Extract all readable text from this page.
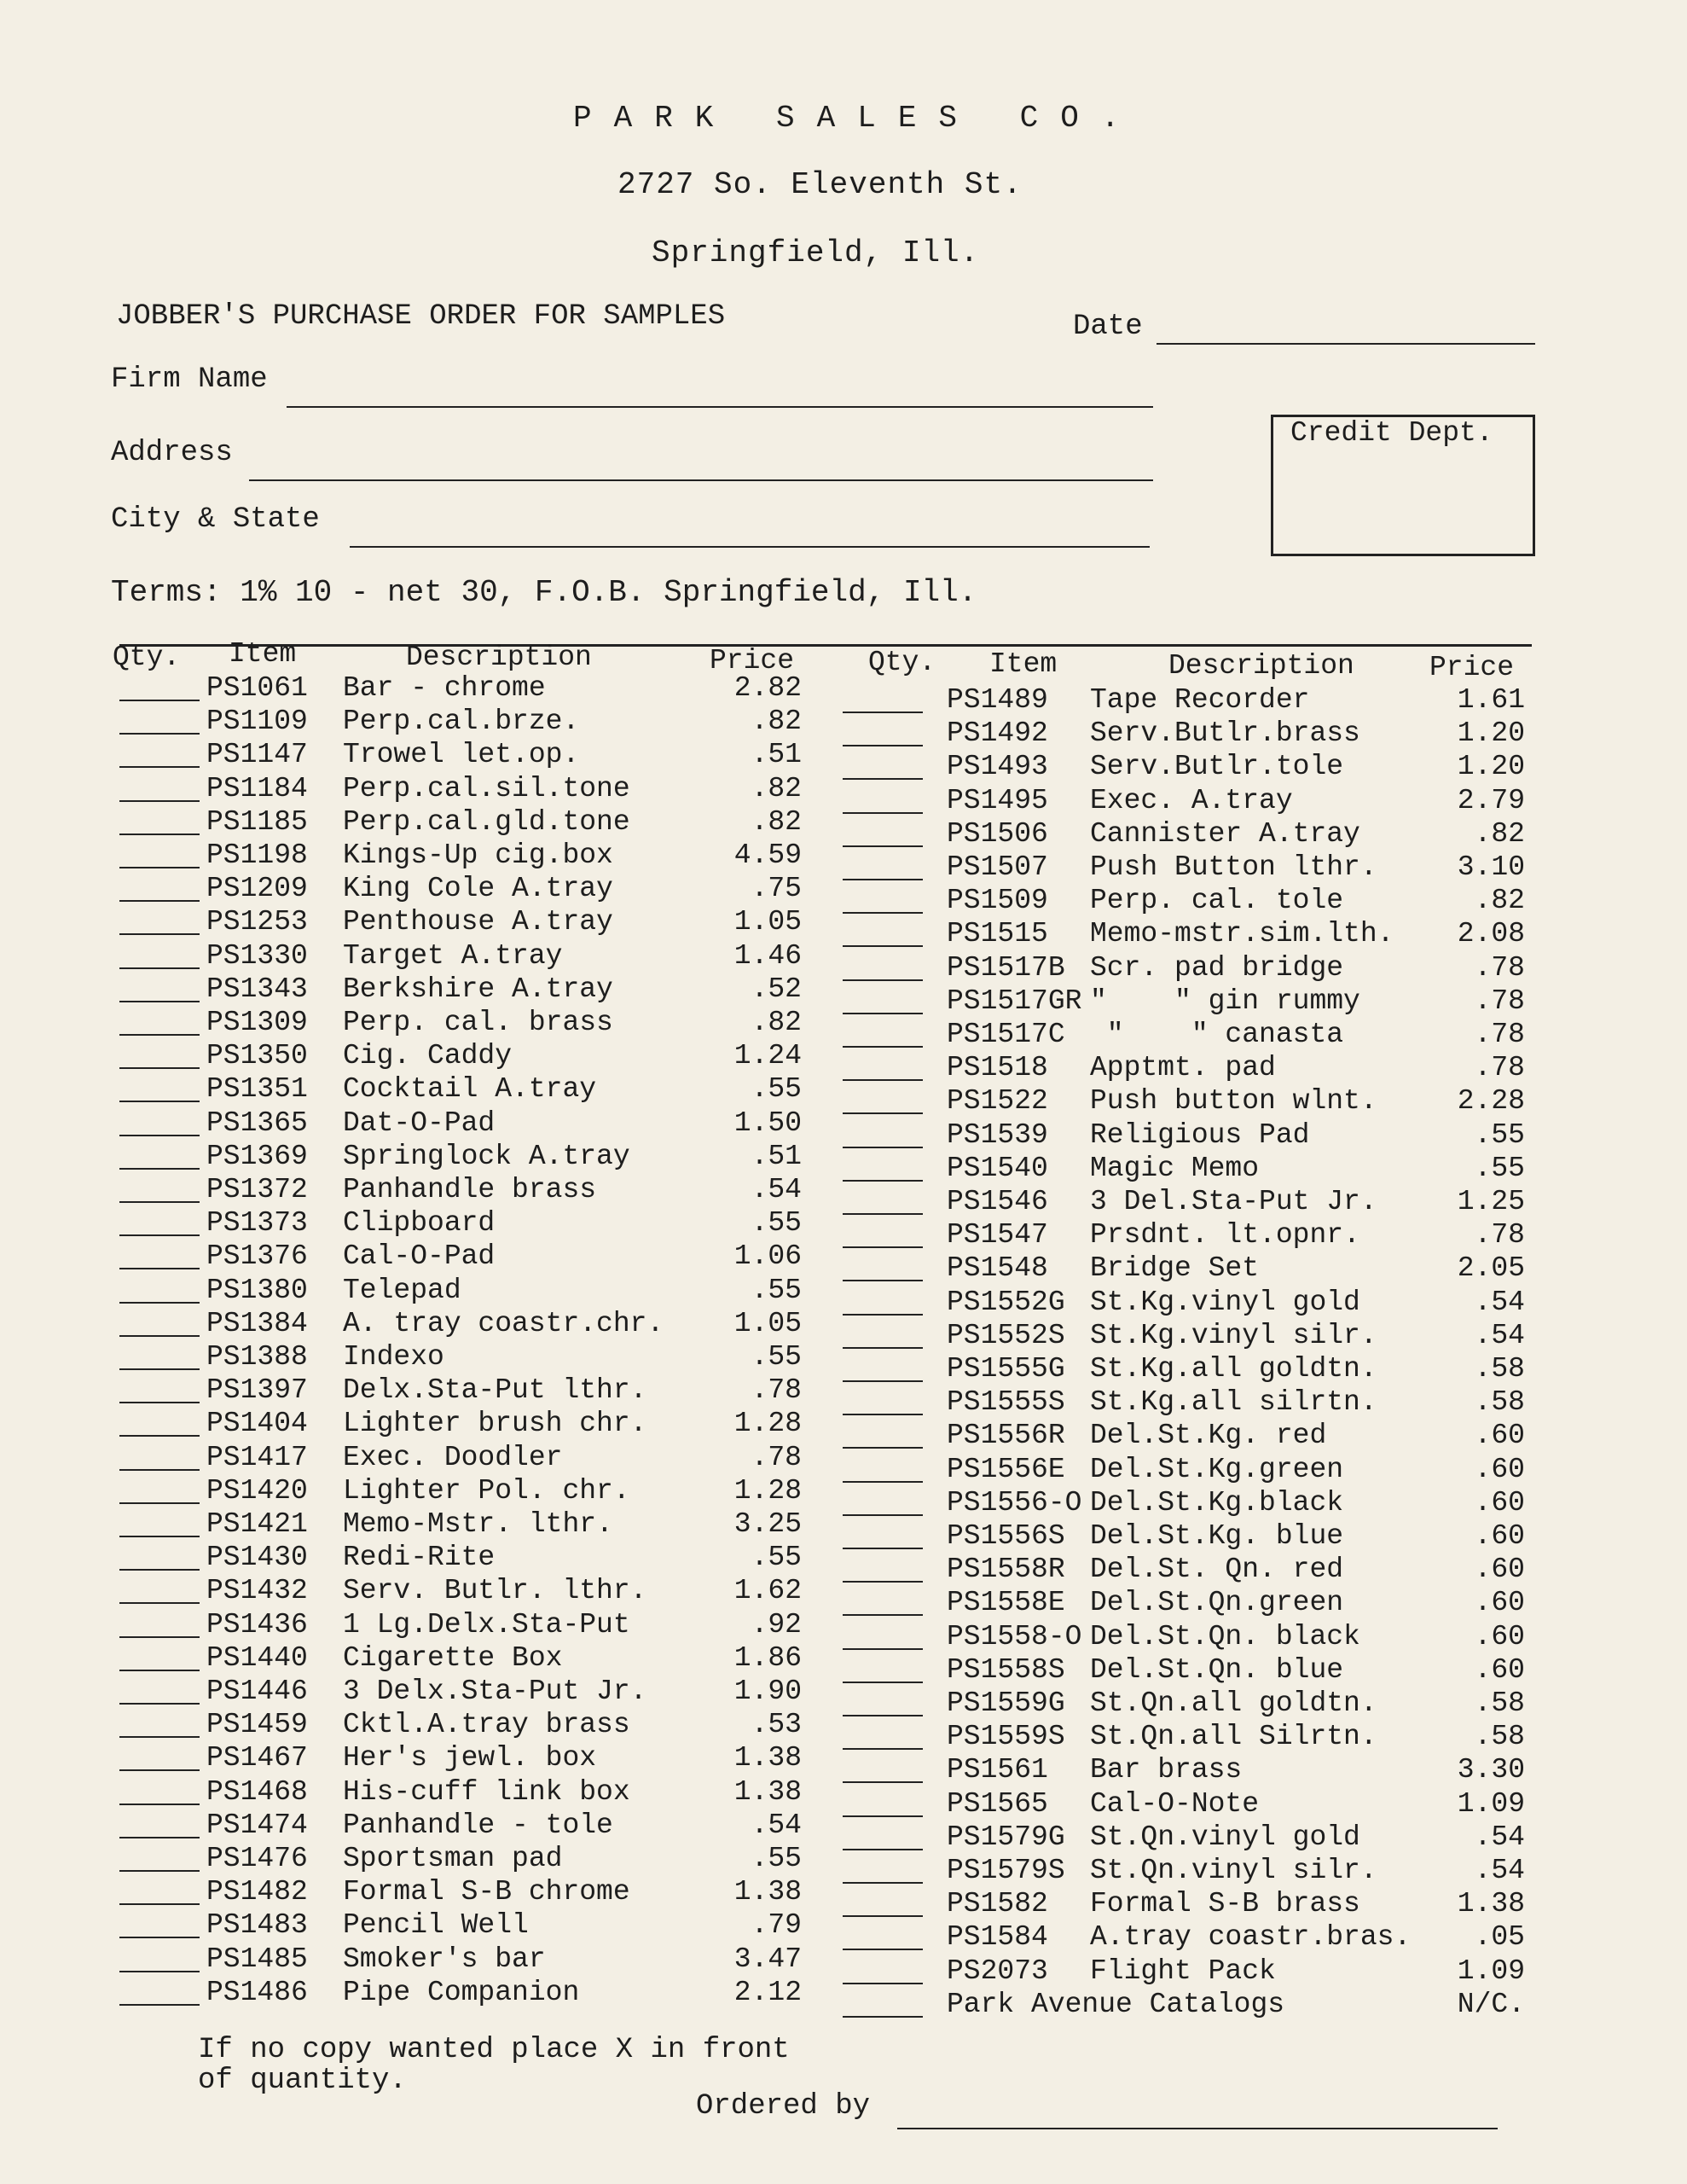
PARK SALES CO.
2727 So. Eleventh St.
Springfield, Ill.
JOBBER'S PURCHASE ORDER FOR SAMPLES	Date
Firm Name
Address
City & State
Credit Dept.
Terms: 1% 10 - net 30, F.O.B. Springfield, Ill.
Qty. Item	Description	Price	Qty. Item	Description	Price
PS1061 Bar - chrome	2.82
PS1109 Perp.cal.brze.	.82
PS1147 Trowel let.op.	.51
PS1184 Perp.cal.sil.tone	.82
PS1185 Perp.cal.gld.tone	.82
PS1198 Kings-Up cig.box	4.59
PS1209 King Cole A.tray	.75
PS1253 Penthouse A.tray	1.05
PS1330 Target A.tray	1.46
PS1343 Berkshire A.tray	.52
PS1309 Perp. cal. brass	.82
PS1350 Cig. Caddy	1.24
PS1351 Cocktail A.tray	.55
PS1365 Dat-O-Pad	1.50
PS1369 Springlock A.tray	.51
PS1372 Panhandle brass	.54
PS1373 Clipboard	.55
PS1376 Cal-O-Pad	1.06
PS1380 Telepad	.55
PS1384 A. tray coastr.chr.	1.05
PS1388 Indexo	.55
PS1397 Delx.Sta-Put lthr.	.78
PS1404 Lighter brush chr.	1.28
PS1417 Exec. Doodler	.78
PS1420 Lighter Pol. chr.	1.28
PS1421 Memo-Mstr. lthr.	3.25
PS1430 Redi-Rite	.55
PS1432 Serv. Butlr. lthr.	1.62
PS1436 1 Lg.Delx.Sta-Put	.92
PS1440 Cigarette Box	1.86
PS1446 3 Delx.Sta-Put Jr.	1.90
PS1459 Cktl.A.tray brass	.53
PS1467 Her's jewl. box	1.38
PS1468 His-cuff link box	1.38
PS1474 Panhandle - tole	.54
PS1476 Sportsman pad	.55
PS1482 Formal S-B chrome	1.38
PS1483 Pencil Well	.79
PS1485 Smoker's bar	3.47
PS1486 Pipe Companion	2.12
PS1489 Tape Recorder	1.61
PS1492 Serv.Butlr.brass	1.20
PS1493 Serv.Butlr.tole	1.20
PS1495 Exec. A.tray	2.79
PS1506 Cannister A.tray	.82
PS1507 Push Button lthr.	3.10
PS1509 Perp. cal. tole	.82
PS1515 Memo-mstr.sim.lth. 2.08
PS1517B Scr. pad bridge	.78
PS1517GR "    " gin rummy	.78
PS1517C "    " canasta	.78
PS1518 Apptmt. pad	.78
PS1522 Push button wlnt.	2.28
PS1539 Religious Pad	.55
PS1540 Magic Memo	.55
PS1546 3 Del.Sta-Put Jr.	1.25
PS1547 Prsdnt. lt.opnr.	.78
PS1548 Bridge Set	2.05
PS1552G St.Kg.vinyl gold	.54
PS1552S St.Kg.vinyl silr.	.54
PS1555G St.Kg.all goldtn.	.58
PS1555S St.Kg.all silrtn.	.58
PS1556R Del.St.Kg. red	.60
PS1556E Del.St.Kg.green	.60
PS1556-O Del.St.Kg.black	.60
PS1556S Del.St.Kg. blue	.60
PS1558R Del.St. Qn. red	.60
PS1558E Del.St.Qn.green	.60
PS1558-O Del.St.Qn. black	.60
PS1558S Del.St.Qn. blue	.60
PS1559G St.Qn.all goldtn.	.58
PS1559S St.Qn.all Silrtn.	.58
PS1561 Bar brass	3.30
PS1565 Cal-O-Note	1.09
PS1579G St.Qn.vinyl gold	.54
PS1579S St.Qn.vinyl silr.	.54
PS1582 Formal S-B brass	1.38
PS1584 A.tray coastr.bras. .05
PS2073 Flight Pack	1.09
Park Avenue Catalogs	N/C.
If no copy wanted place X in front
of quantity.
Ordered by
